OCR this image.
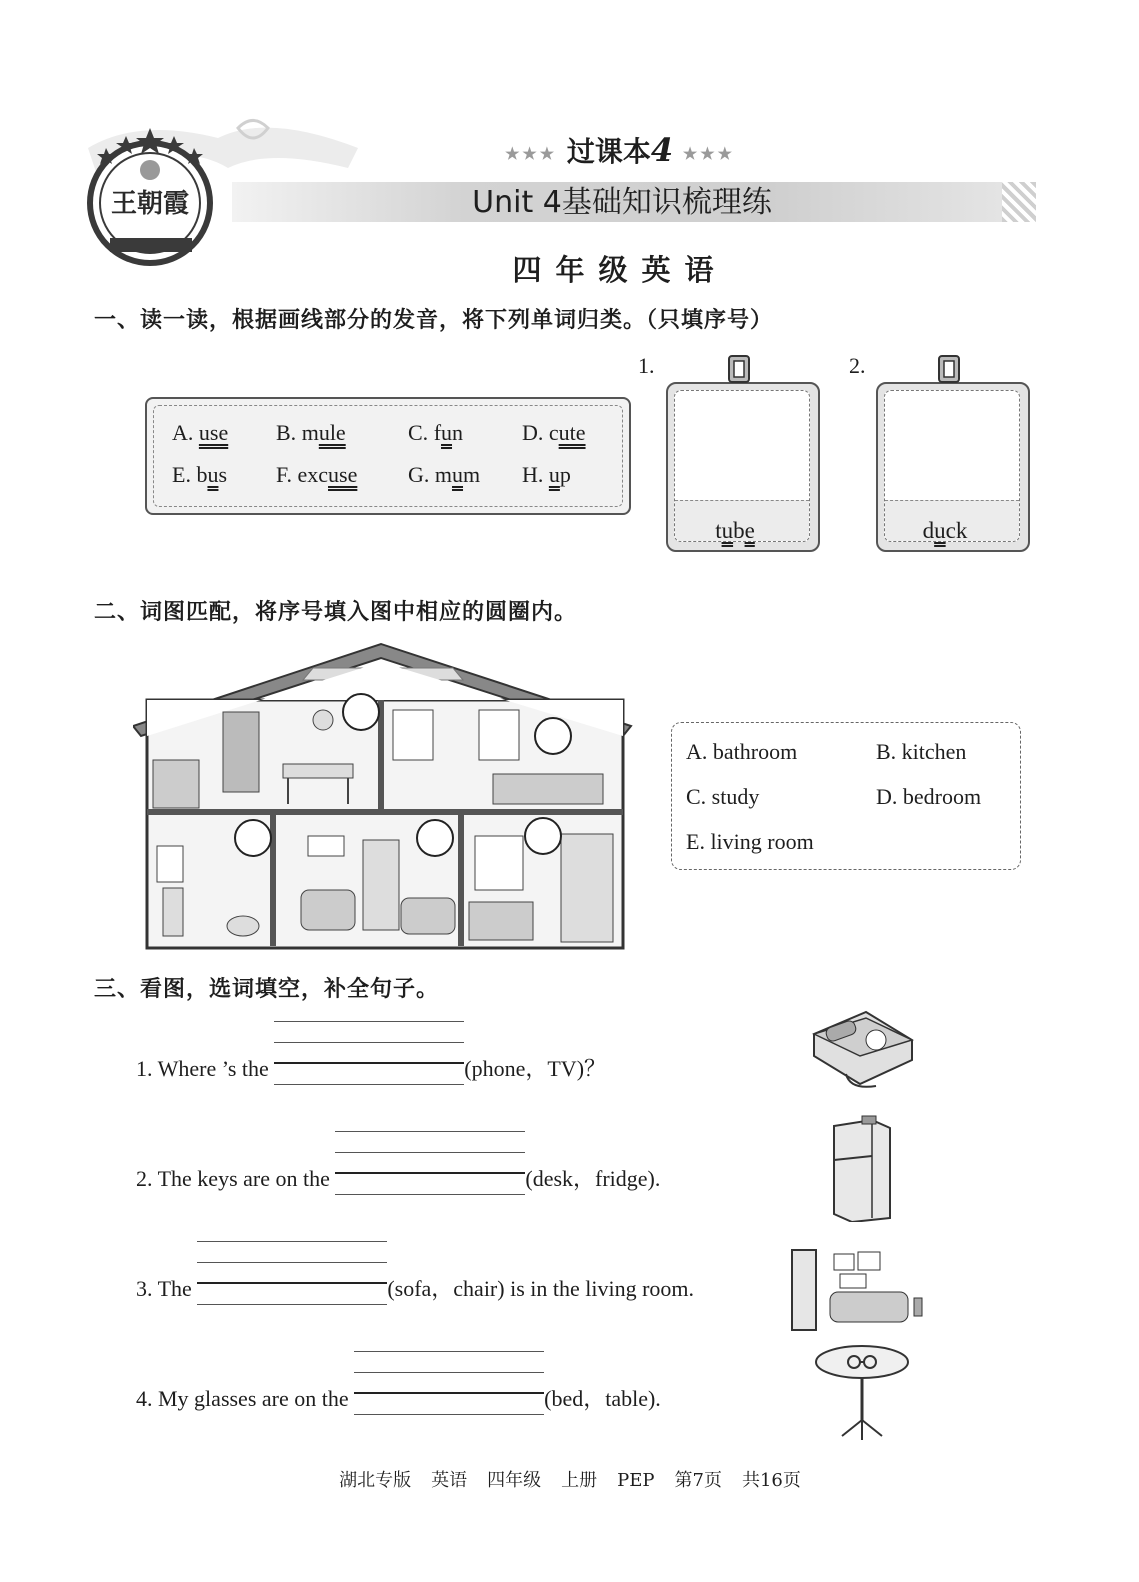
王朝霞
★★★ 过课本4 ★★★
Unit 4基础知识梳理练
四年级英语
一、读一读，根据画线部分的发音，将下列单词归类。（只填序号）
A. use B. mule	C. fun	D. cute
E. bus F. excuse G. mum H. up
1.	2.
tube	duck
二、词图匹配，将序号填入图中相应的圆圈内。
A. bathroom	B. kitchen
C. study	D. bedroom
E. living room
三、看图，选词填空，补全句子。
1. Where ’s the	(phone，TV)？
2. The keys are on the	(desk，fridge).
3. The	(sofa，chair) is in the living room.
4. My glasses are on the	(bed，table).
湖北专版 英语 四年级 上册 PEP 第7页 共16页
